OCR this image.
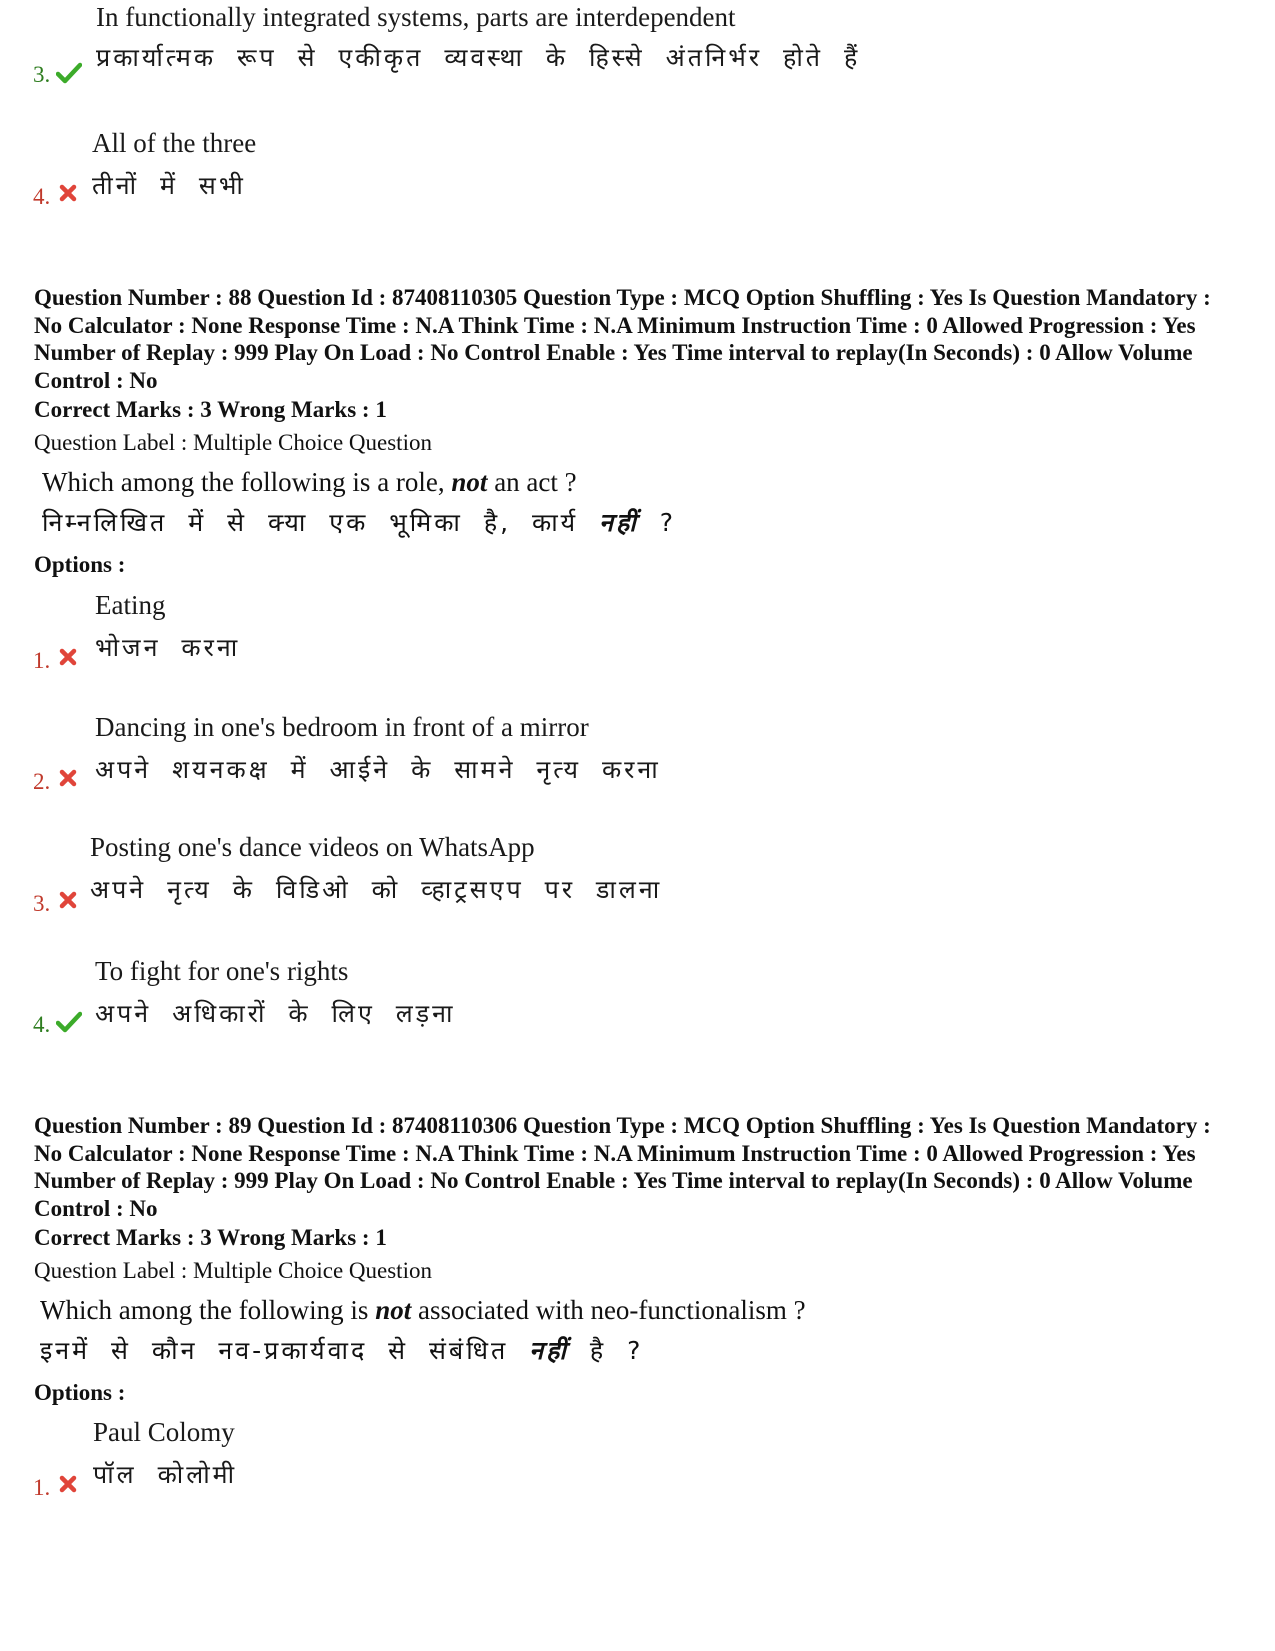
In functionally integrated systems, parts are interdependent
प्रकार्यात्मक रूप से एकीकृत व्यवस्था के हिस्से अंतनिर्भर होते हैं
3.
All of the three
तीनों में सभी
4.
Question Number : 88 Question Id : 87408110305 Question Type : MCQ Option Shuffling : Yes Is Question Mandatory : No Calculator : None Response Time : N.A Think Time : N.A Minimum Instruction Time : 0 Allowed Progression : Yes Number of Replay : 999 Play On Load : No Control Enable : Yes Time interval to replay(In Seconds) : 0 Allow Volume Control : No
Correct Marks : 3 Wrong Marks : 1
Question Label : Multiple Choice Question
Which among the following is a role, not an act ?
निम्नलिखित में से क्या एक भूमिका है, कार्य नहीं ?
Options :
Eating
भोजन करना
1.
Dancing in one's bedroom in front of a mirror
अपने शयनकक्ष में आईने के सामने नृत्य करना
2.
Posting one's dance videos on WhatsApp
अपने नृत्य के विडिओ को व्हाट्रसएप पर डालना
3.
To fight for one's rights
अपने अधिकारों के लिए लड़ना
4.
Question Number : 89 Question Id : 87408110306 Question Type : MCQ Option Shuffling : Yes Is Question Mandatory : No Calculator : None Response Time : N.A Think Time : N.A Minimum Instruction Time : 0 Allowed Progression : Yes Number of Replay : 999 Play On Load : No Control Enable : Yes Time interval to replay(In Seconds) : 0 Allow Volume Control : No
Correct Marks : 3 Wrong Marks : 1
Question Label : Multiple Choice Question
Which among the following is not associated with neo-functionalism ?
इनमें से कौन नव-प्रकार्यवाद से संबंधित नहीं है ?
Options :
Paul Colomy
पॉल कोलोमी
1.
